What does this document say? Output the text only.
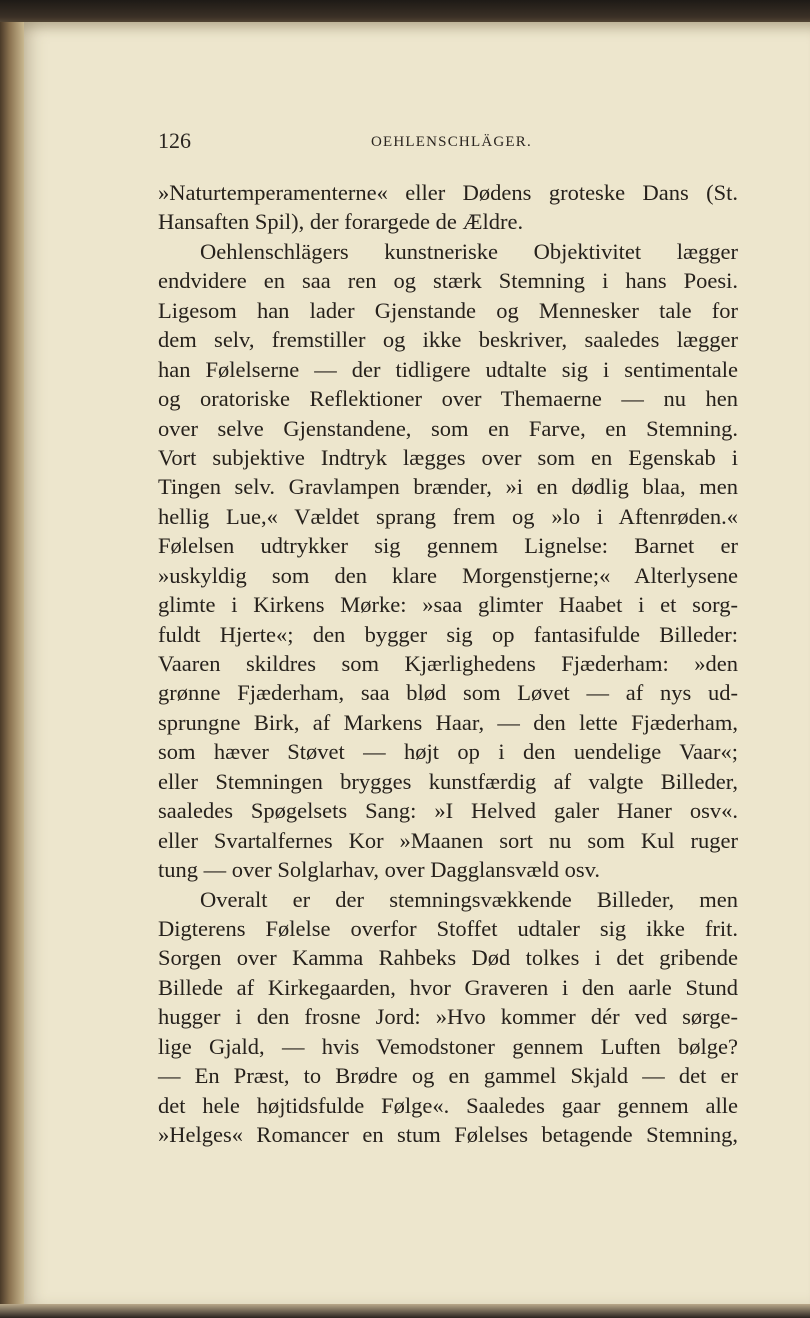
126	OEHLENSCHLÄGER.
»Naturtemperamenterne« eller Dødens groteske Dans (St.
Hansaften Spil), der forargede de Ældre.
Oehlenschlägers kunstneriske Objektivitet lægger
endvidere en saa ren og stærk Stemning i hans Poesi.
Ligesom han lader Gjenstande og Mennesker tale for
dem selv, fremstiller og ikke beskriver, saaledes lægger
han Følelserne — der tidligere udtalte sig i sentimentale
og oratoriske Reflektioner over Themaerne — nu hen
over selve Gjenstandene, som en Farve, en Stemning.
Vort subjektive Indtryk lægges over som en Egenskab i
Tingen selv. Gravlampen brænder, »i en dødlig blaa, men
hellig Lue,« Vældet sprang frem og »lo i Aftenrøden.«
Følelsen udtrykker sig gennem Lignelse: Barnet er
»uskyldig som den klare Morgenstjerne;« Alterlysene
glimte i Kirkens Mørke: »saa glimter Haabet i et sorg-
fuldt Hjerte«; den bygger sig op fantasifulde Billeder:
Vaaren skildres som Kjærlighedens Fjæderham: »den
grønne Fjæderham, saa blød som Løvet — af nys ud-
sprungne Birk, af Markens Haar, — den lette Fjæderham,
som hæver Støvet — højt op i den uendelige Vaar«;
eller Stemningen brygges kunstfærdig af valgte Billeder,
saaledes Spøgelsets Sang: »I Helved galer Haner osv«.
eller Svartalfernes Kor »Maanen sort nu som Kul ruger
tung — over Solglarhav, over Dagglansvæld osv.
Overalt er der stemningsvækkende Billeder, men
Digterens Følelse overfor Stoffet udtaler sig ikke frit.
Sorgen over Kamma Rahbeks Død tolkes i det gribende
Billede af Kirkegaarden, hvor Graveren i den aarle Stund
hugger i den frosne Jord: »Hvo kommer dér ved sørge-
lige Gjald, — hvis Vemodstoner gennem Luften bølge?
— En Præst, to Brødre og en gammel Skjald — det er
det hele højtidsfulde Følge«. Saaledes gaar gennem alle
»Helges« Romancer en stum Følelses betagende Stemning,
